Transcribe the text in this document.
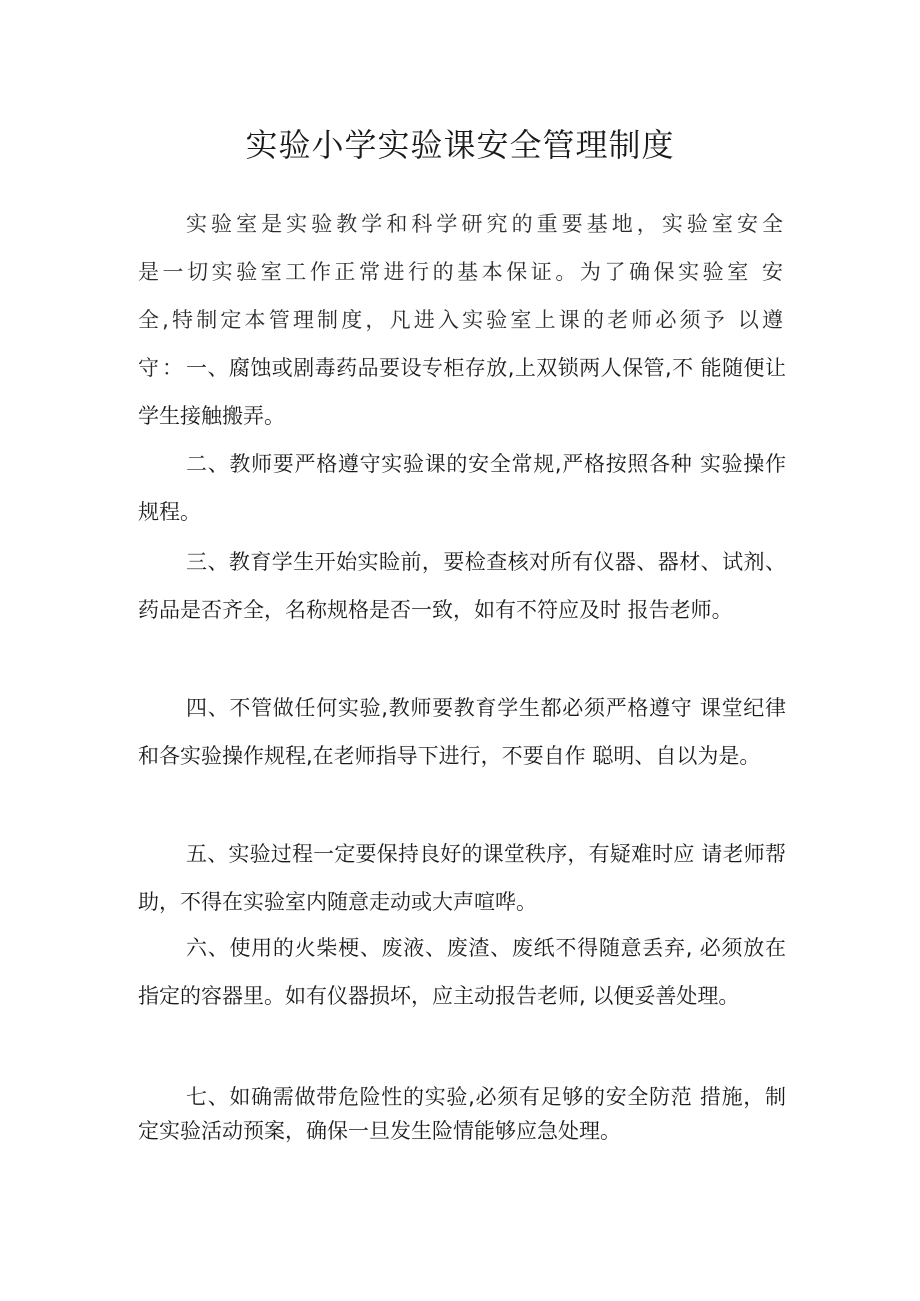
实验小学实验课安全管理制度

实验室是实验教学和科学研究的重要基地，实验室安全 是一切实验室工作正常进行的基本保证。为了确保实验室 安全,特制定本管理制度，凡进入实验室上课的老师必须予 以遵守： 一、腐蚀或剧毒药品要设专柜存放,上双锁两人保管,不 能随便让学生接触搬弄。

二、教师要严格遵守实验课的安全常规,严格按照各种 实验操作规程。

三、教育学生开始实睑前，要检查核对所有仪器、器材、试剂、药品是否齐全，名称规格是否一致，如有不符应及时 报告老师。

四、不管做任何实验,教师要教育学生都必须严格遵守 课堂纪律和各实验操作规程,在老师指导下进行，不要自作 聪明、自以为是。

五、实验过程一定要保持良好的课堂秩序，有疑难时应 请老师帮助，不得在实验室内随意走动或大声喧哗。

六、使用的火柴梗、废液、废渣、废纸不得随意丢弃, 必须放在指定的容器里。如有仪器损坏，应主动报告老师, 以便妥善处理。

七、如确需做带危险性的实验,必须有足够的安全防范 措施，制定实验活动预案，确保一旦发生险情能够应急处理。
